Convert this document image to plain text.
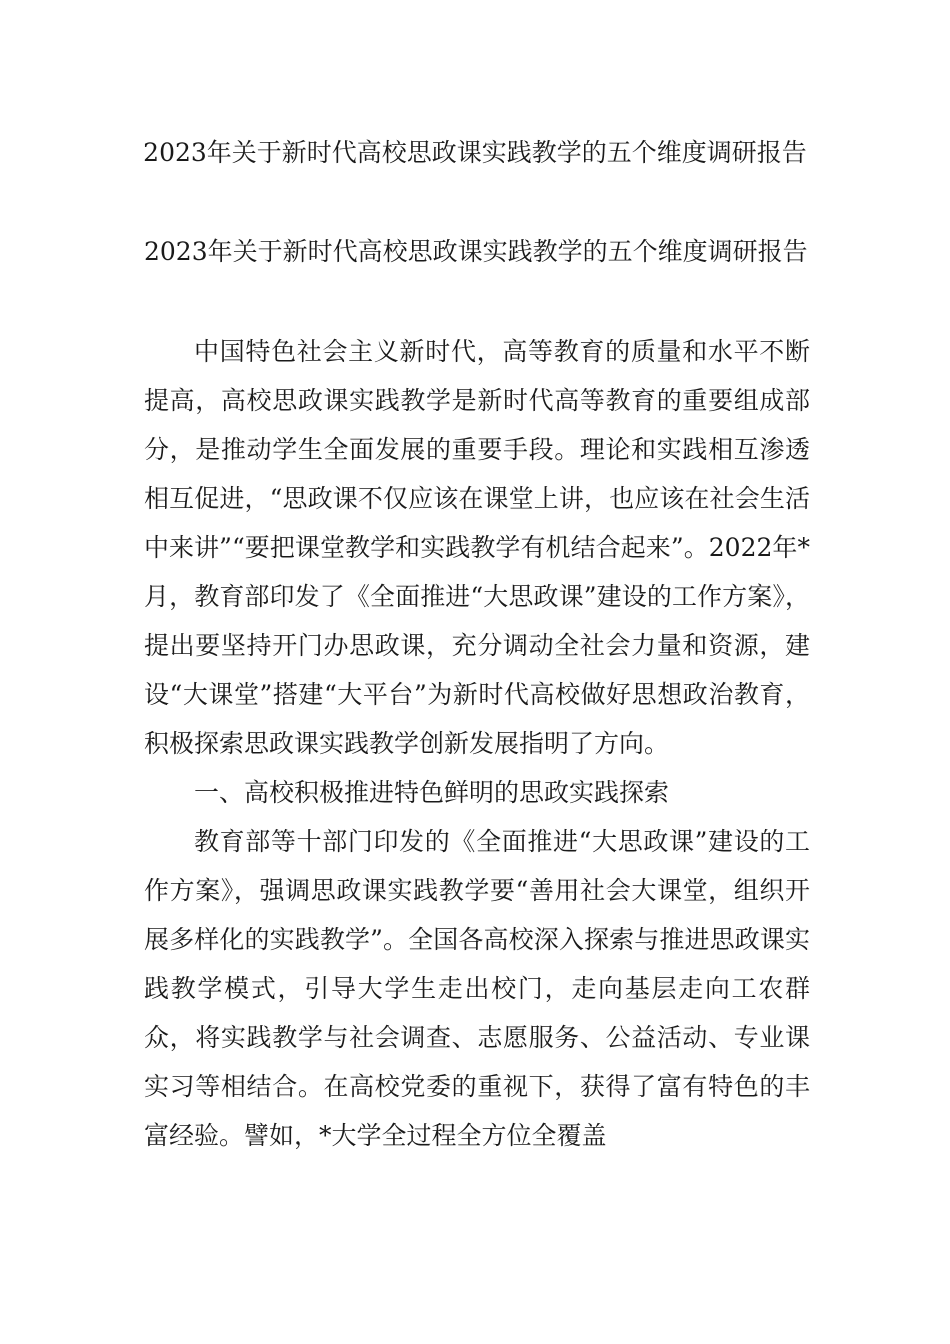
2023年关于新时代高校思政课实践教学的五个维度调研报告

2023年关于新时代高校思政课实践教学的五个维度调研报告

中国特色社会主义新时代，高等教育的质量和水平不断提高，高校思政课实践教学是新时代高等教育的重要组成部分，是推动学生全面发展的重要手段。理论和实践相互渗透相互促进，“思政课不仅应该在课堂上讲，也应该在社会生活中来讲”“要把课堂教学和实践教学有机结合起来”。2022年*月，教育部印发了《全面推进“大思政课”建设的工作方案》，提出要坚持开门办思政课，充分调动全社会力量和资源，建设“大课堂”搭建“大平台”为新时代高校做好思想政治教育，积极探索思政课实践教学创新发展指明了方向。

一、高校积极推进特色鲜明的思政实践探索

教育部等十部门印发的《全面推进“大思政课”建设的工作方案》，强调思政课实践教学要“善用社会大课堂，组织开展多样化的实践教学”。全国各高校深入探索与推进思政课实践教学模式，引导大学生走出校门，走向基层走向工农群众，将实践教学与社会调查、志愿服务、公益活动、专业课实习等相结合。在高校党委的重视下，获得了富有特色的丰富经验。譬如，*大学全过程全方位全覆盖
